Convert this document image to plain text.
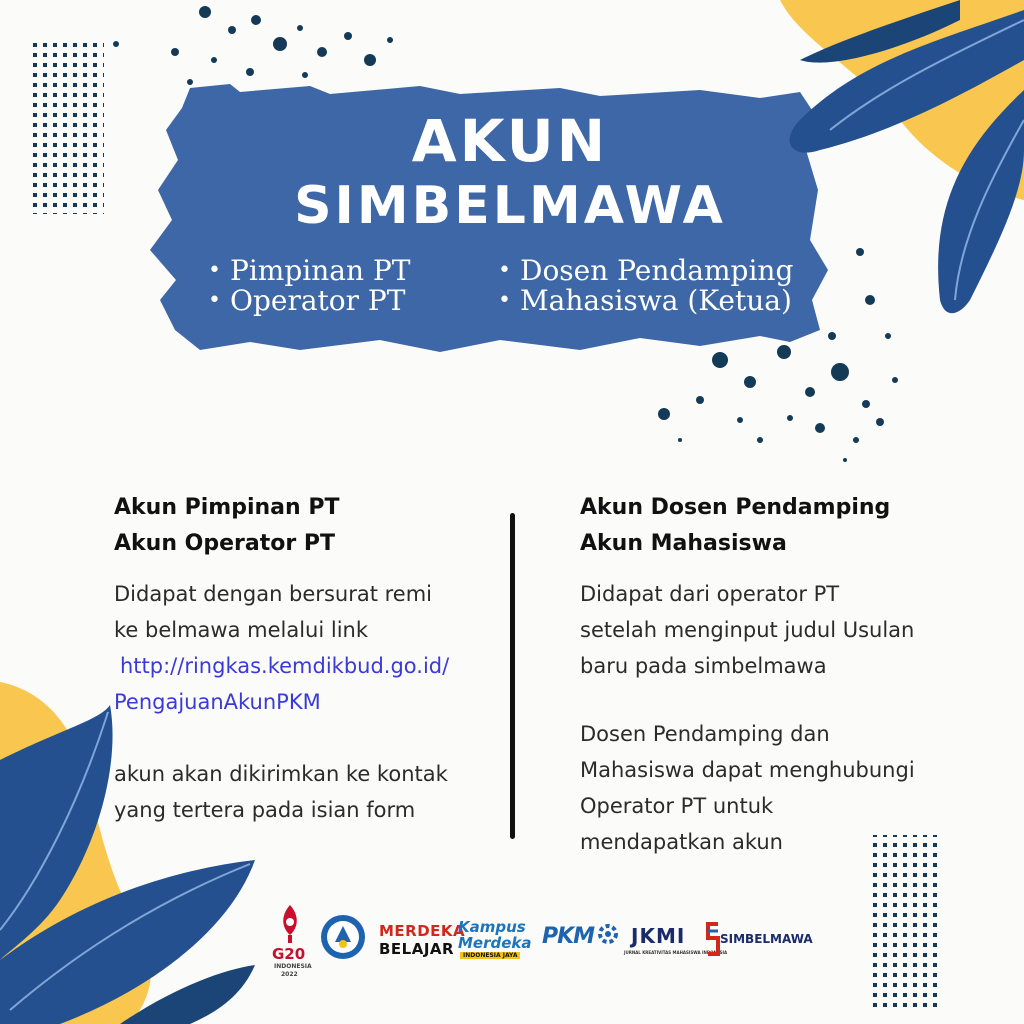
AKUN
SIMBELMAWA
• Pimpinan PT
• Operator PT
• Dosen Pendamping
• Mahasiswa (Ketua)
Akun Pimpinan PT
Akun Operator PT
Didapat dengan bersurat remi
ke belmawa melalui link
http://ringkas.kemdikbud.go.id/
PengajuanAkunPKM
akun akan dikirimkan ke kontak
yang tertera pada isian form
Akun Dosen Pendamping
Akun Mahasiswa
Didapat dari operator PT
setelah menginput judul Usulan
baru pada simbelmawa
Dosen Pendamping dan
Mahasiswa dapat menghubungi
Operator PT untuk
mendapatkan akun
G20
INDONESIA
2022
MERDEKA
BELAJAR
Kampus
Merdeka
INDONESIA JAYA
PKM JKMI
JURNAL KREATIVITAS MAHASISWA INDONESIA
SIMBELMAWA
